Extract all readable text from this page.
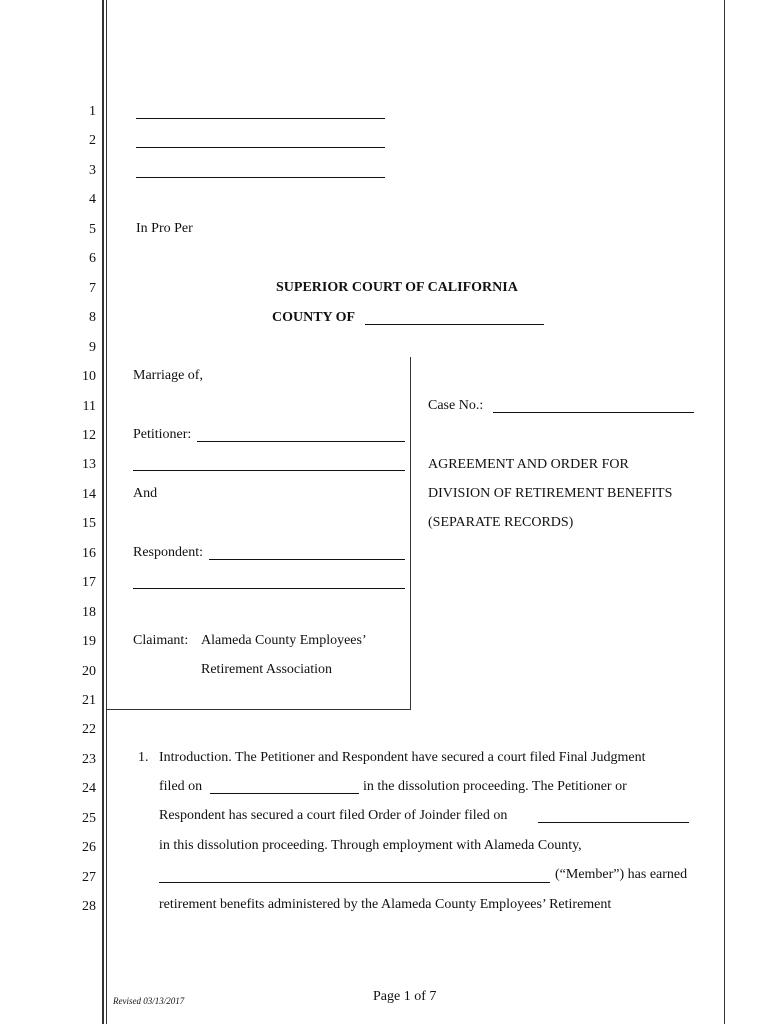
1
2
3
4
5
6
7
8
9
10
11
12
13
14
15
16
17
18
19
20
21
22
23
24
25
26
27
28
In Pro Per
SUPERIOR COURT OF CALIFORNIA
COUNTY OF
Marriage of,
Petitioner:
And
Respondent:
Claimant: Alameda County Employees’
Retirement Association
Case No.:
AGREEMENT AND ORDER FOR
DIVISION OF RETIREMENT BENEFITS
(SEPARATE RECORDS)
1. Introduction. The Petitioner and Respondent have secured a court filed Final Judgment
filed on	in the dissolution proceeding. The Petitioner or
Respondent has secured a court filed Order of Joinder filed on
in this dissolution proceeding. Through employment with Alameda County,
(“Member”) has earned
retirement benefits administered by the Alameda County Employees’ Retirement
Revised 03/13/2017	Page 1 of 7
